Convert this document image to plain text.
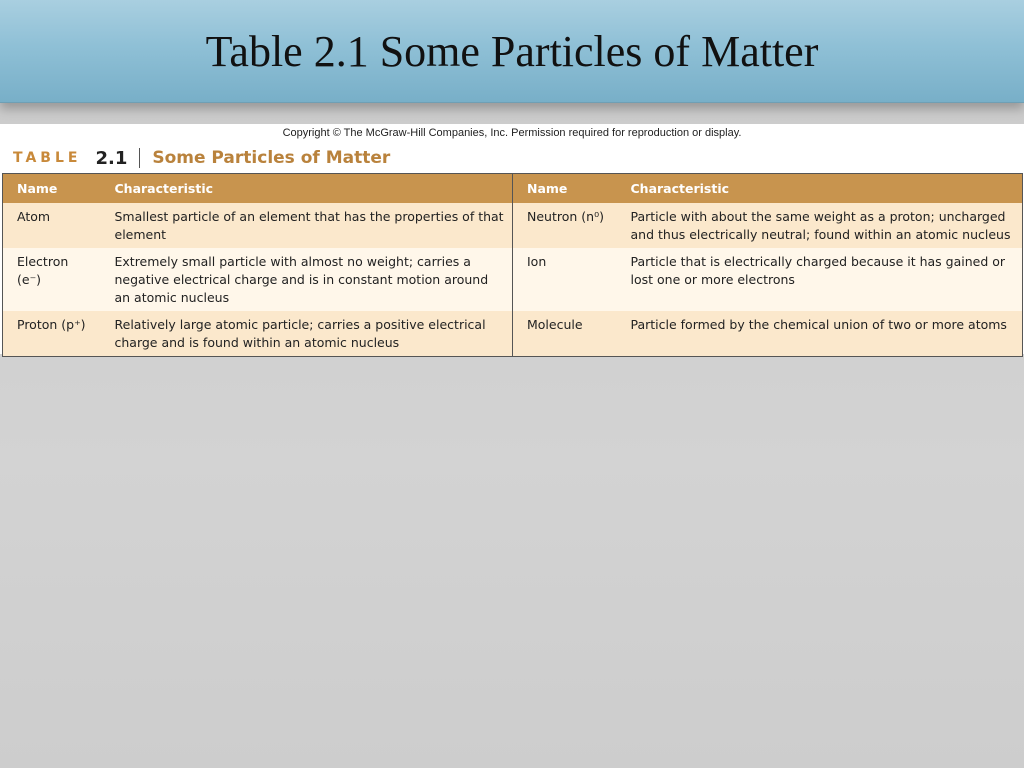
Table 2.1 Some Particles of Matter
Copyright © The McGraw-Hill Companies, Inc. Permission required for reproduction or display.
TABLE 2.1 Some Particles of Matter
Name	Characteristic	Name	Characteristic
Atom	Smallest particle of an element that has the properties of that element	Neutron (n⁰)	Particle with about the same weight as a proton; uncharged and thus electrically neutral; found within an atomic nucleus
Electron (e⁻)	Extremely small particle with almost no weight; carries a negative electrical charge and is in constant motion around an atomic nucleus	Ion	Particle that is electrically charged because it has gained or lost one or more electrons
Proton (p⁺)	Relatively large atomic particle; carries a positive electrical charge and is found within an atomic nucleus	Molecule	Particle formed by the chemical union of two or more atoms
